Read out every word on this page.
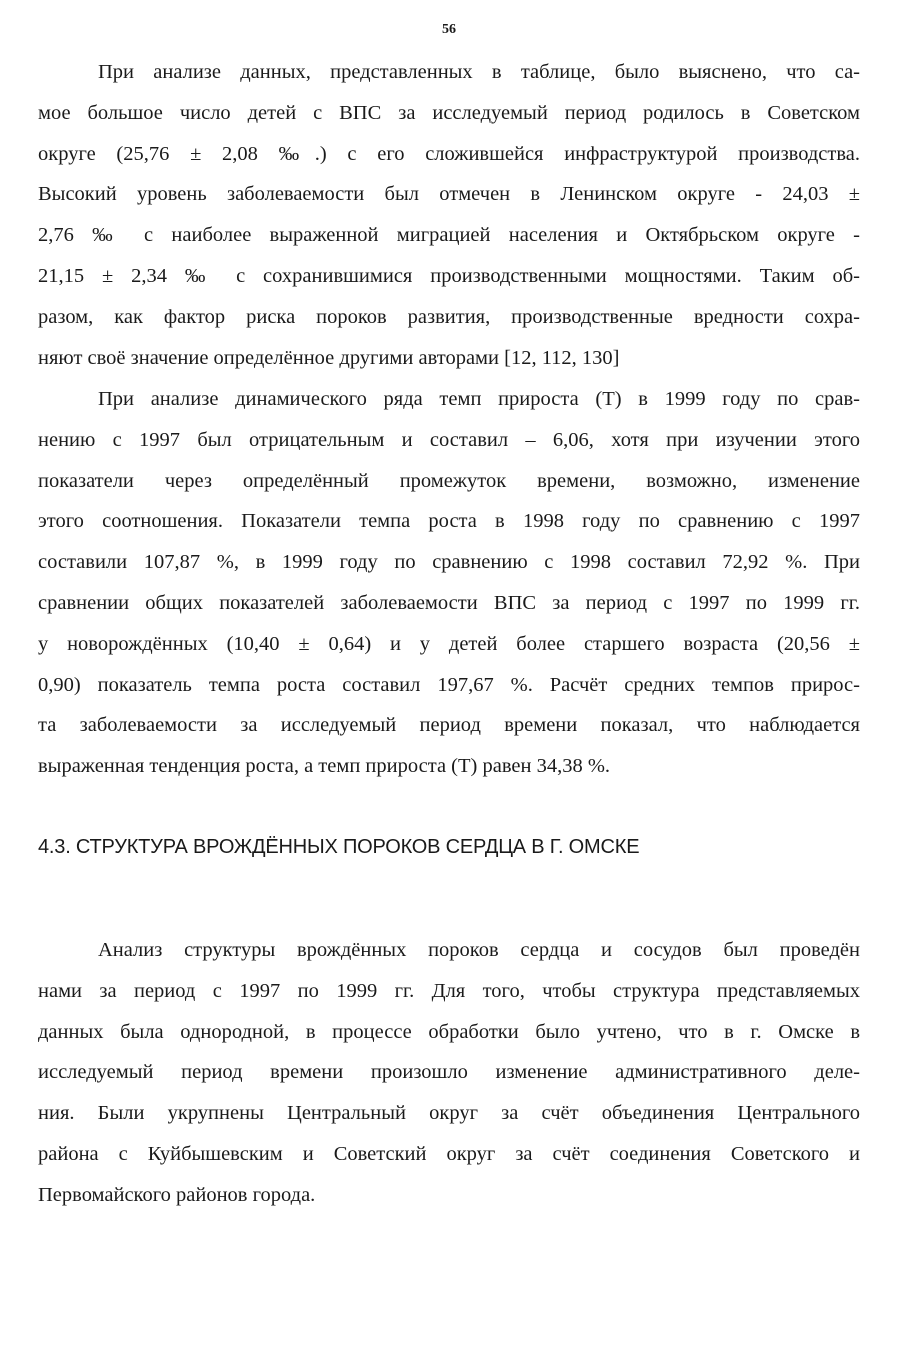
56

При анализе данных, представленных в таблице, было выяснено, что са-
мое большое число детей с ВПС за исследуемый период родилось в Советском
округе (25,76 ± 2,08 ‰.) с его сложившейся инфраструктурой производства.
Высокий уровень заболеваемости был отмечен в Ленинском округе - 24,03 ±
2,76 ‰ с наиболее выраженной миграцией населения и Октябрьском округе -
21,15 ± 2,34 ‰ с сохранившимися производственными мощностями. Таким об-
разом, как фактор риска пороков развития, производственные вредности сохра-
няют своё значение определённое другими авторами [12, 112, 130]

При анализе динамического ряда темп прироста (Т) в 1999 году по срав-
нению с 1997 был отрицательным и составил – 6,06, хотя при изучении этого
показатели через определённый промежуток времени, возможно, изменение
этого соотношения. Показатели темпа роста в 1998 году по сравнению с 1997
составили 107,87 %, в 1999 году по сравнению с 1998 составил 72,92 %. При
сравнении общих показателей заболеваемости ВПС за период с 1997 по 1999 гг.
у новорождённых (10,40 ± 0,64) и у детей более старшего возраста (20,56 ±
0,90) показатель темпа роста составил 197,67 %. Расчёт средних темпов прирос-
та заболеваемости за исследуемый период времени показал, что наблюдается
выраженная тенденция роста, а темп прироста (Т) равен 34,38 %.

4.3. СТРУКТУРА ВРОЖДЁННЫХ ПОРОКОВ СЕРДЦА В Г. ОМСКЕ

Анализ структуры врождённых пороков сердца и сосудов был проведён
нами за период с 1997 по 1999 гг. Для того, чтобы структура представляемых
данных была однородной, в процессе обработки было учтено, что в г. Омске в
исследуемый период времени произошло изменение административного деле-
ния. Были укрупнены Центральный округ за счёт объединения Центрального
района с Куйбышевским и Советский округ за счёт соединения Советского и
Первомайского районов города.
